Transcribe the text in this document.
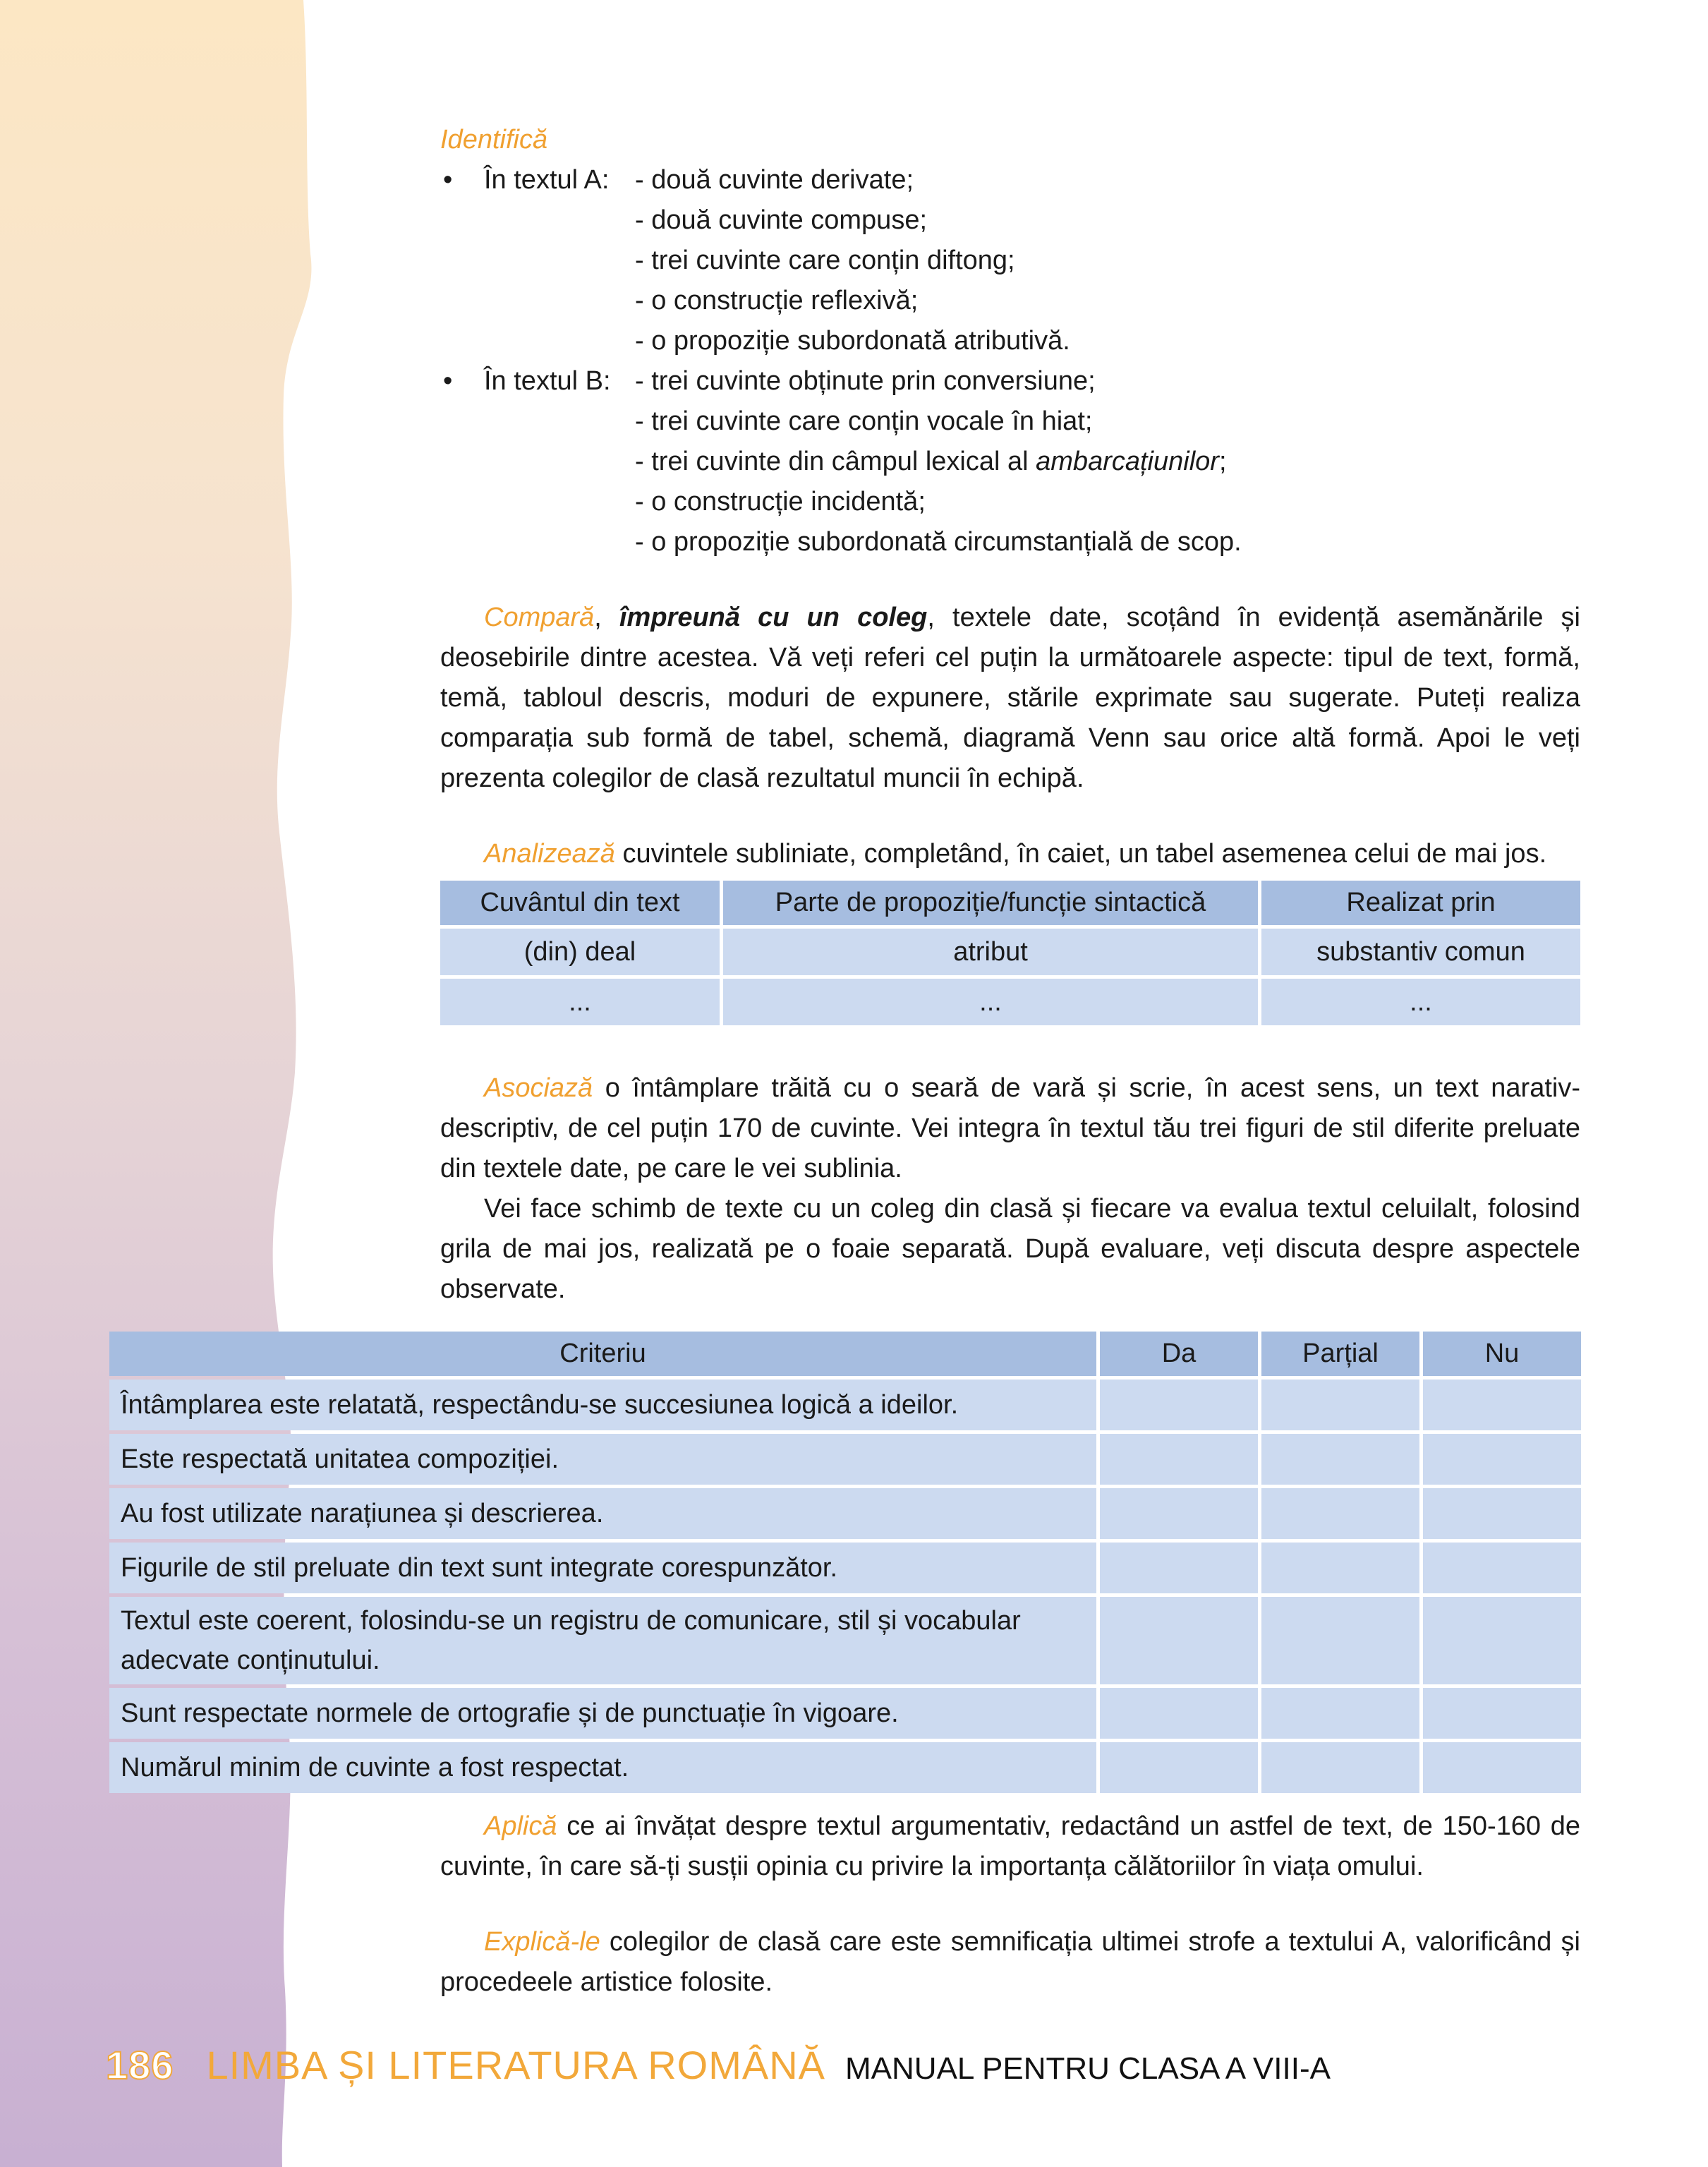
Identifică

•	În textul A: - două cuvinte derivate;
- două cuvinte compuse;
- trei cuvinte care conțin diftong;
- o construcție reflexivă;
- o propoziție subordonată atributivă.
•	În textul B: - trei cuvinte obținute prin conversiune;
- trei cuvinte care conțin vocale în hiat;
- trei cuvinte din câmpul lexical al ambarcațiunilor;
- o construcție incidentă;
- o propoziție subordonată circumstanțială de scop.

Compară, împreună cu un coleg, textele date, scoțând în evidență asemănările și deosebirile dintre acestea. Vă veți referi cel puțin la următoarele aspecte: tipul de text, formă, temă, tabloul descris, moduri de expunere, stările exprimate sau sugerate. Puteți realiza comparația sub formă de tabel, schemă, diagramă Venn sau orice altă formă. Apoi le veți prezenta colegilor de clasă rezultatul muncii în echipă.

Analizează cuvintele subliniate, completând, în caiet, un tabel asemenea celui de mai jos.

Cuvântul din text	Parte de propoziție/funcție sintactică	Realizat prin
(din) deal	atribut	substantiv comun
...	...	...

Asociază o întâmplare trăită cu o seară de vară și scrie, în acest sens, un text narativ-descriptiv, de cel puțin 170 de cuvinte. Vei integra în textul tău trei figuri de stil diferite preluate din textele date, pe care le vei sublinia.

Vei face schimb de texte cu un coleg din clasă și fiecare va evalua textul celuilalt, folosind grila de mai jos, realizată pe o foaie separată. După evaluare, veți discuta despre aspectele observate.

Criteriu	Da	Parțial	Nu
Întâmplarea este relatată, respectându-se succesiunea logică a ideilor.			
Este respectată unitatea compoziției.			
Au fost utilizate narațiunea și descrierea.			
Figurile de stil preluate din text sunt integrate corespunzător.			
Textul este coerent, folosindu-se un registru de comunicare, stil și vocabular adecvate conținutului.			
Sunt respectate normele de ortografie și de punctuație în vigoare.			
Numărul minim de cuvinte a fost respectat.			

Aplică ce ai învățat despre textul argumentativ, redactând un astfel de text, de 150-160 de cuvinte, în care să-ți susții opinia cu privire la importanța călătoriilor în viața omului.

Explică-le colegilor de clasă care este semnificația ultimei strofe a textului A, valorificând și procedeele artistice folosite.

186 LIMBA ȘI LITERATURA ROMÂNĂ MANUAL PENTRU CLASA A VIII-A
